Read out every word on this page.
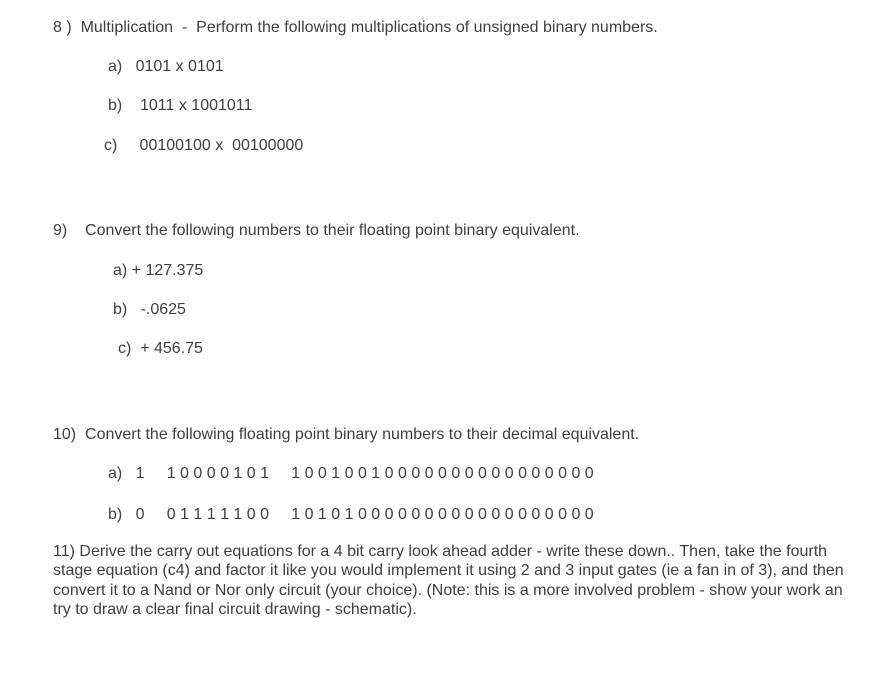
8 )  Multiplication  -  Perform the following multiplications of unsigned binary numbers.
a)   0101 x 0101
b)    1011 x 1001011
c)     00100100 x  00100000
9)    Convert the following numbers to their floating point binary equivalent.
a) + 127.375
b)   -.0625
c)  + 456.75
10)  Convert the following floating point binary numbers to their decimal equivalent.
a)   1     1 0 0 0 0 1 0 1     1 0 0 1 0 0 1 0 0 0 0 0 0 0 0 0 0 0 0 0 0 0 0
b)   0     0 1 1 1 1 1 0 0     1 0 1 0 1 0 0 0 0 0 0 0 0 0 0 0 0 0 0 0 0 0 0
11) Derive the carry out equations for a 4 bit carry look ahead adder - write these down.. Then, take the fourth stage equation (c4) and factor it like you would implement it using 2 and 3 input gates (ie a fan in of 3), and then convert it to a Nand or Nor only circuit (your choice). (Note: this is a more involved problem - show your work an try to draw a clear final circuit drawing - schematic).
